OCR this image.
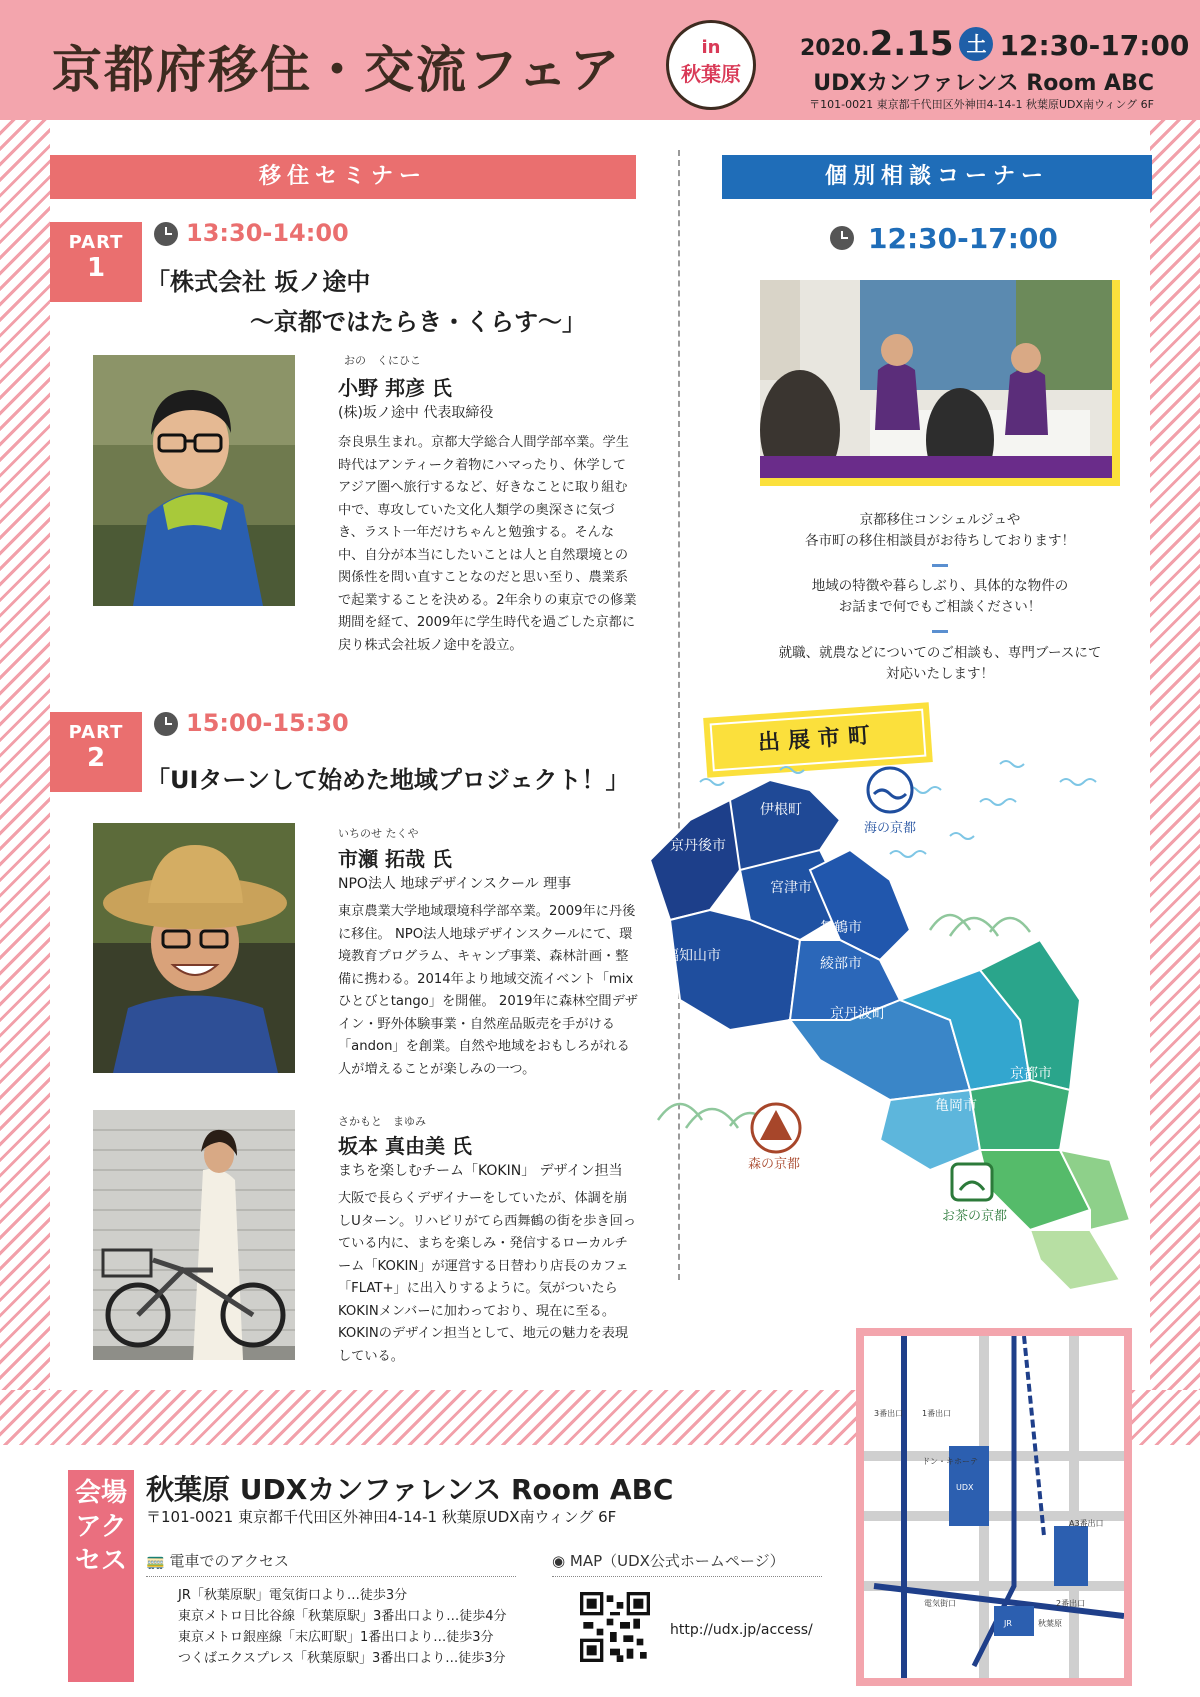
京都府移住・交流フェア	in
秋葉原
2020.2.15 土 12:30-17:00
UDXカンファレンス Room ABC
〒101-0021 東京都千代田区外神田4-14-1 秋葉原UDX南ウィング 6F
移住セミナー	個別相談コーナー
PART
1
13:30-14:00
「株式会社 坂ノ途中
～京都ではたらき・くらす～」
おの　くにひこ
小野 邦彦 氏
(株)坂ノ途中 代表取締役
奈良県生まれ。京都大学総合人間学部卒業。学生時代はアンティーク着物にハマったり、休学してアジア圏へ旅行するなど、好きなことに取り組む中で、専攻していた文化人類学の奥深さに気づき、ラスト一年だけちゃんと勉強する。そんな中、自分が本当にしたいことは人と自然環境との関係性を問い直すことなのだと思い至り、農業系で起業することを決める。2年余りの東京での修業期間を経て、2009年に学生時代を過ごした京都に戻り株式会社坂ノ途中を設立。
PART
2
15:00-15:30
「UIターンして始めた地域プロジェクト！」
いちのせ たくや
市瀬 拓哉 氏
NPO法人 地球デザインスクール 理事
東京農業大学地域環境科学部卒業。2009年に丹後に移住。 NPO法人地球デザインスクールにて、環境教育プログラム、キャンプ事業、森林計画・整備に携わる。2014年より地域交流イベント「mixひとびとtango」を開催。 2019年に森林空間デザイン・野外体験事業・自然産品販売を手がける「andon」を創業。自然や地域をおもしろがれる人が増えることが楽しみの一つ。
さかもと　まゆみ
坂本 真由美 氏
まちを楽しむチーム「KOKIN」 デザイン担当
大阪で長らくデザイナーをしていたが、体調を崩しUターン。リハビリがてら西舞鶴の街を歩き回っている内に、まちを楽しみ・発信するローカルチーム「KOKIN」が運営する日替わり店長のカフェ「FLAT+」に出入りするように。気がついたらKOKINメンバーに加わっており、現在に至る。KOKINのデザイン担当として、地元の魅力を表現している。
12:30-17:00
京都移住コンシェルジュや
各市町の移住相談員がお待ちしております！
地域の特徴や暮らしぶり、具体的な物件の
お話まで何でもご相談ください！
就職、就農などについてのご相談も、専門ブースにて
対応いたします！
出展市町
伊根町
京丹後市
宮津市
舞鶴市
福知山市	綾部市
京丹波町
京都市
亀岡市
海の京都
森の京都
お茶の京都
会場アクセス
秋葉原 UDXカンファレンス Room ABC
〒101-0021 東京都千代田区外神田4-14-1 秋葉原UDX南ウィング 6F
🚃 電車でのアクセス
JR「秋葉原駅」電気街口より…徒歩3分
東京メトロ日比谷線「秋葉原駅」3番出口より…徒歩4分
東京メトロ銀座線「末広町駅」1番出口より…徒歩3分
つくばエクスプレス「秋葉原駅」3番出口より…徒歩3分
◉ MAP（UDX公式ホームページ）
http://udx.jp/access/
UDX
JR	秋葉原
3番出口 1番出口
2番出口
A3番出口
ドン・キホーテ
電気街口
